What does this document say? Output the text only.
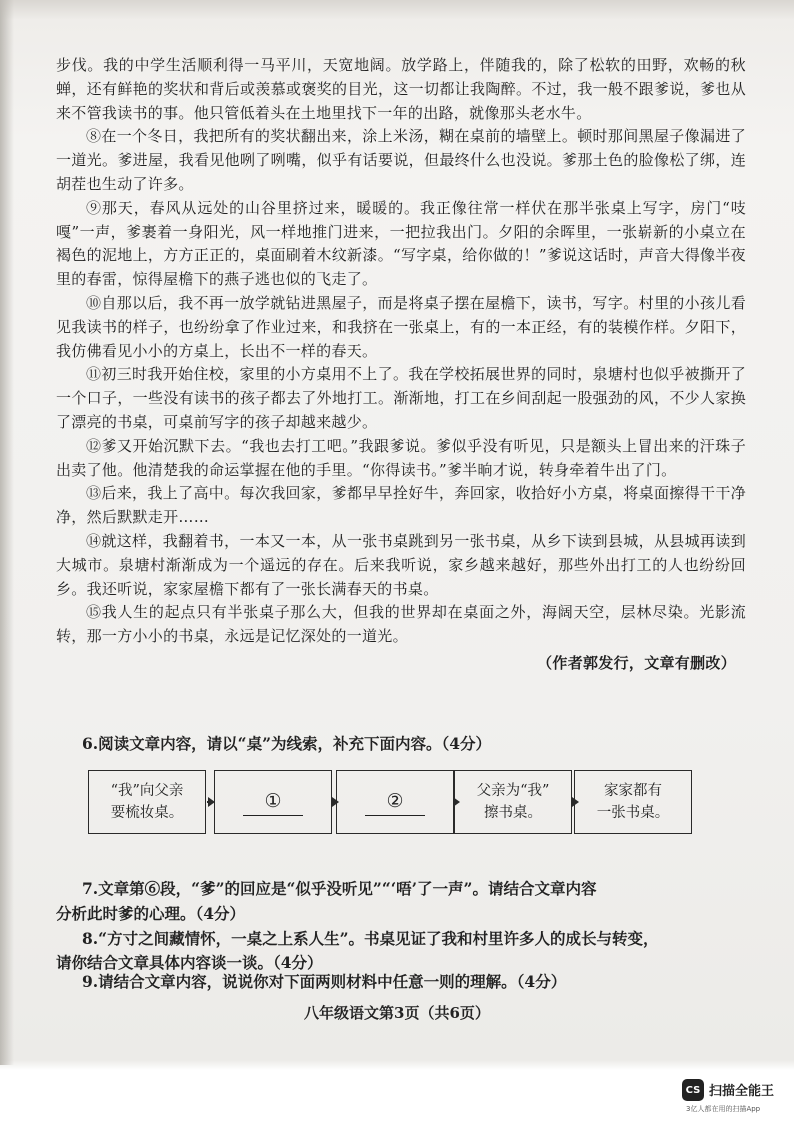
步伐。我的中学生活顺利得一马平川，天宽地阔。放学路上，伴随我的，除了松软的田野，欢畅的秋蝉，还有鲜艳的奖状和背后或羡慕或褒奖的目光，这一切都让我陶醉。不过，我一般不跟爹说，爹也从来不管我读书的事。他只管低着头在土地里找下一年的出路，就像那头老水牛。

⑧在一个冬日，我把所有的奖状翻出来，涂上米汤，糊在桌前的墙壁上。顿时那间黑屋子像漏进了一道光。爹进屋，我看见他咧了咧嘴，似乎有话要说，但最终什么也没说。爹那土色的脸像松了绑，连胡茬也生动了许多。

⑨那天，春风从远处的山谷里挤过来，暖暖的。我正像往常一样伏在那半张桌上写字，房门“吱嘎”一声，爹裹着一身阳光，风一样地推门进来，一把拉我出门。夕阳的余晖里，一张崭新的小桌立在褐色的泥地上，方方正正的，桌面刷着木纹新漆。“写字桌，给你做的！”爹说这话时，声音大得像半夜里的春雷，惊得屋檐下的燕子逃也似的飞走了。

⑩自那以后，我不再一放学就钻进黑屋子，而是将桌子摆在屋檐下，读书，写字。村里的小孩儿看见我读书的样子，也纷纷拿了作业过来，和我挤在一张桌上，有的一本正经，有的装模作样。夕阳下，我仿佛看见小小的方桌上，长出不一样的春天。

⑪初三时我开始住校，家里的小方桌用不上了。我在学校拓展世界的同时，泉塘村也似乎被撕开了一个口子，一些没有读书的孩子都去了外地打工。渐渐地，打工在乡间刮起一股强劲的风，不少人家换了漂亮的书桌，可桌前写字的孩子却越来越少。

⑫爹又开始沉默下去。“我也去打工吧。”我跟爹说。爹似乎没有听见，只是额头上冒出来的汗珠子出卖了他。他清楚我的命运掌握在他的手里。“你得读书。”爹半晌才说，转身牵着牛出了门。

⑬后来，我上了高中。每次我回家，爹都早早拴好牛，奔回家，收拾好小方桌，将桌面擦得干干净净，然后默默走开……

⑭就这样，我翻着书，一本又一本，从一张书桌跳到另一张书桌，从乡下读到县城，从县城再读到大城市。泉塘村渐渐成为一个遥远的存在。后来我听说，家乡越来越好，那些外出打工的人也纷纷回乡。我还听说，家家屋檐下都有了一张长满春天的书桌。

⑮我人生的起点只有半张桌子那么大，但我的世界却在桌面之外，海阔天空，层林尽染。光影流转，那一方小小的书桌，永远是记忆深处的一道光。

（作者郭发行，文章有删改）

6.阅读文章内容，请以“桌”为线索，补充下面内容。（4分）
“我”向父亲
要梳妆桌。
①	②	父亲为“我”
擦书桌。
家家都有
一张书桌。
7.文章第⑥段，“爹”的回应是“似乎没听见”“‘唔’了一声”。请结合文章内容
分析此时爹的心理。（4分）
8.“方寸之间藏情怀，一桌之上系人生”。书桌见证了我和村里许多人的成长与转变，
请你结合文章具体内容谈一谈。（4分）
9.请结合文章内容，说说你对下面两则材料中任意一则的理解。（4分）
八年级语文第3页（共6页）
CS 扫描全能王
3亿人都在用的扫描App
